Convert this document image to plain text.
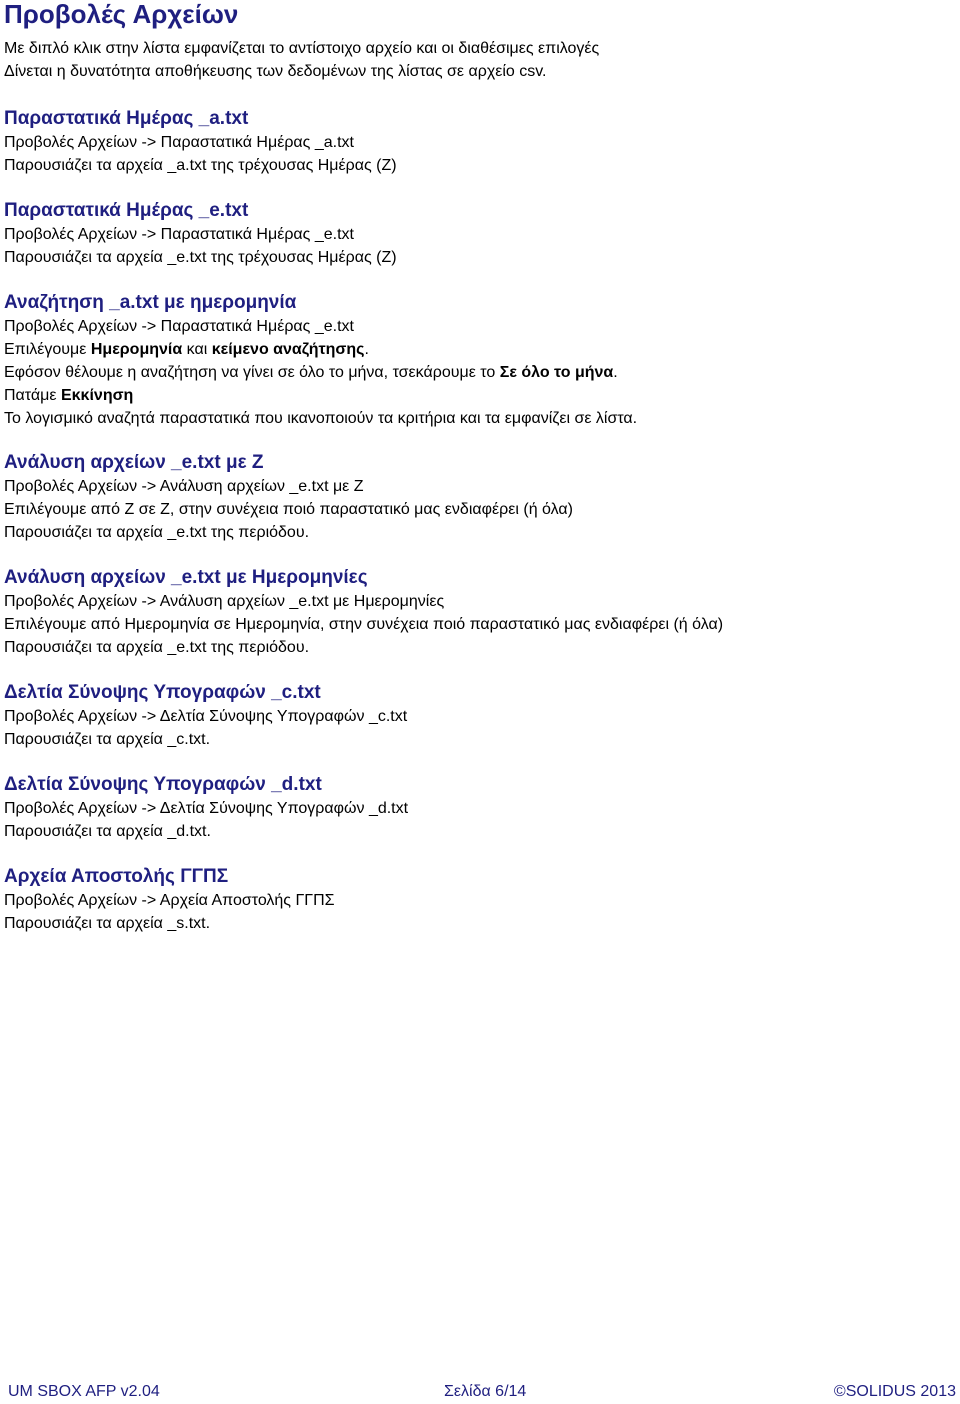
Προβολές Αρχείων
Με διπλό κλικ στην λίστα εμφανίζεται το αντίστοιχο αρχείο και οι διαθέσιμες επιλογές
Δίνεται η δυνατότητα αποθήκευσης των δεδομένων της λίστας σε αρχείο csv.
Παραστατικά Ημέρας _a.txt
Προβολές Αρχείων -> Παραστατικά Ημέρας _a.txt
Παρουσιάζει τα αρχεία _a.txt της τρέχουσας Ημέρας (Ζ)
Παραστατικά Ημέρας _e.txt
Προβολές Αρχείων -> Παραστατικά Ημέρας _e.txt
Παρουσιάζει τα αρχεία _e.txt της τρέχουσας Ημέρας (Ζ)
Αναζήτηση _a.txt με ημερομηνία
Προβολές Αρχείων -> Παραστατικά Ημέρας _e.txt
Επιλέγουμε Ημερομηνία και κείμενο αναζήτησης.
Εφόσον θέλουμε η αναζήτηση να γίνει σε όλο το μήνα, τσεκάρουμε το Σε όλο το μήνα.
Πατάμε Εκκίνηση
Το λογισμικό αναζητά παραστατικά που ικανοποιούν τα κριτήρια και τα εμφανίζει σε λίστα.
Ανάλυση αρχείων _e.txt με Ζ
Προβολές Αρχείων -> Ανάλυση αρχείων _e.txt με Ζ
Επιλέγουμε από Ζ σε Ζ, στην συνέχεια ποιό παραστατικό μας ενδιαφέρει (ή όλα)
Παρουσιάζει τα αρχεία _e.txt της περιόδου.
Ανάλυση αρχείων _e.txt με Ημερομηνίες
Προβολές Αρχείων -> Ανάλυση αρχείων _e.txt με Ημερομηνίες
Επιλέγουμε από Ημερομηνία σε Ημερομηνία, στην συνέχεια ποιό παραστατικό μας ενδιαφέρει (ή όλα)
Παρουσιάζει τα αρχεία _e.txt της περιόδου.
Δελτία Σύνοψης Υπογραφών _c.txt
Προβολές Αρχείων -> Δελτία Σύνοψης Υπογραφών _c.txt
Παρουσιάζει τα αρχεία _c.txt.
Δελτία Σύνοψης Υπογραφών _d.txt
Προβολές Αρχείων -> Δελτία Σύνοψης Υπογραφών _d.txt
Παρουσιάζει τα αρχεία _d.txt.
Αρχεία Αποστολής ΓΓΠΣ
Προβολές Αρχείων -> Αρχεία Αποστολής ΓΓΠΣ
Παρουσιάζει τα αρχεία _s.txt.
UM SBOX AFP v2.04	Σελίδα 6/14	©SOLIDUS 2013
